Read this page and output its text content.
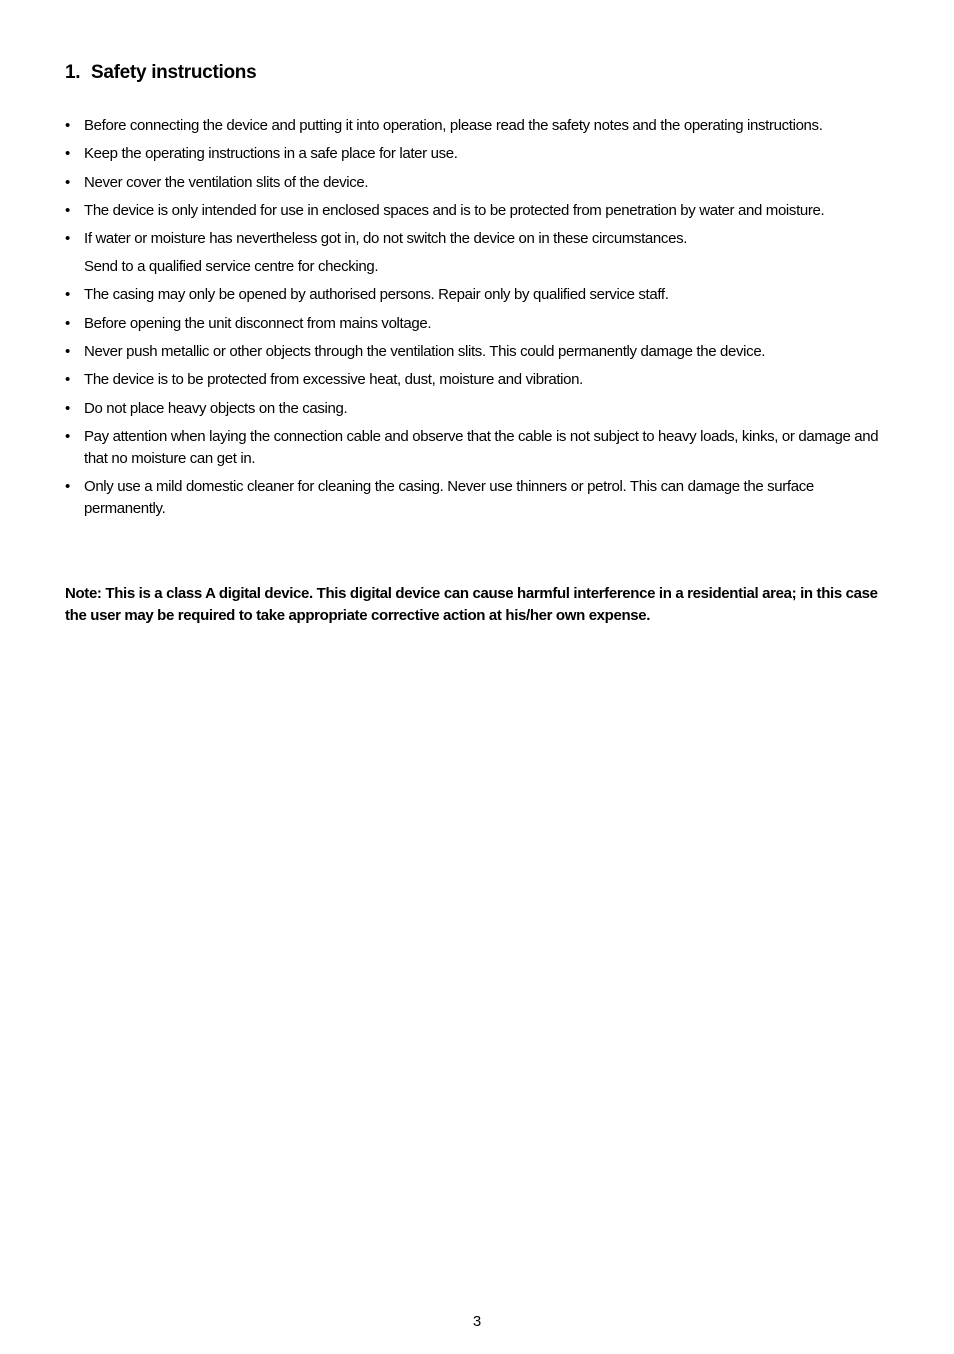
1. Safety instructions
• Before connecting the device and putting it into operation, please read the safety notes and the operating instructions.
• Keep the operating instructions in a safe place for later use.
• Never cover the ventilation slits of the device.
• The device is only intended for use in enclosed spaces and is to be protected from penetration by water and moisture.
• If water or moisture has nevertheless got in, do not switch the device on in these circumstances.
Send to a qualified service centre for checking.
• The casing may only be opened by authorised persons. Repair only by qualified service staff.
• Before opening the unit disconnect from mains voltage.
• Never push metallic or other objects through the ventilation slits. This could permanently damage the device.
• The device is to be protected from excessive heat, dust, moisture and vibration.
• Do not place heavy objects on the casing.
• Pay attention when laying the connection cable and observe that the cable is not subject to heavy loads, kinks, or damage and that no moisture can get in.
• Only use a mild domestic cleaner for cleaning the casing. Never use thinners or petrol. This can damage the surface permanently.

Note: This is a class A digital device. This digital device can cause harmful interference in a residential area; in this case the user may be required to take appropriate corrective action at his/her own expense.

3
